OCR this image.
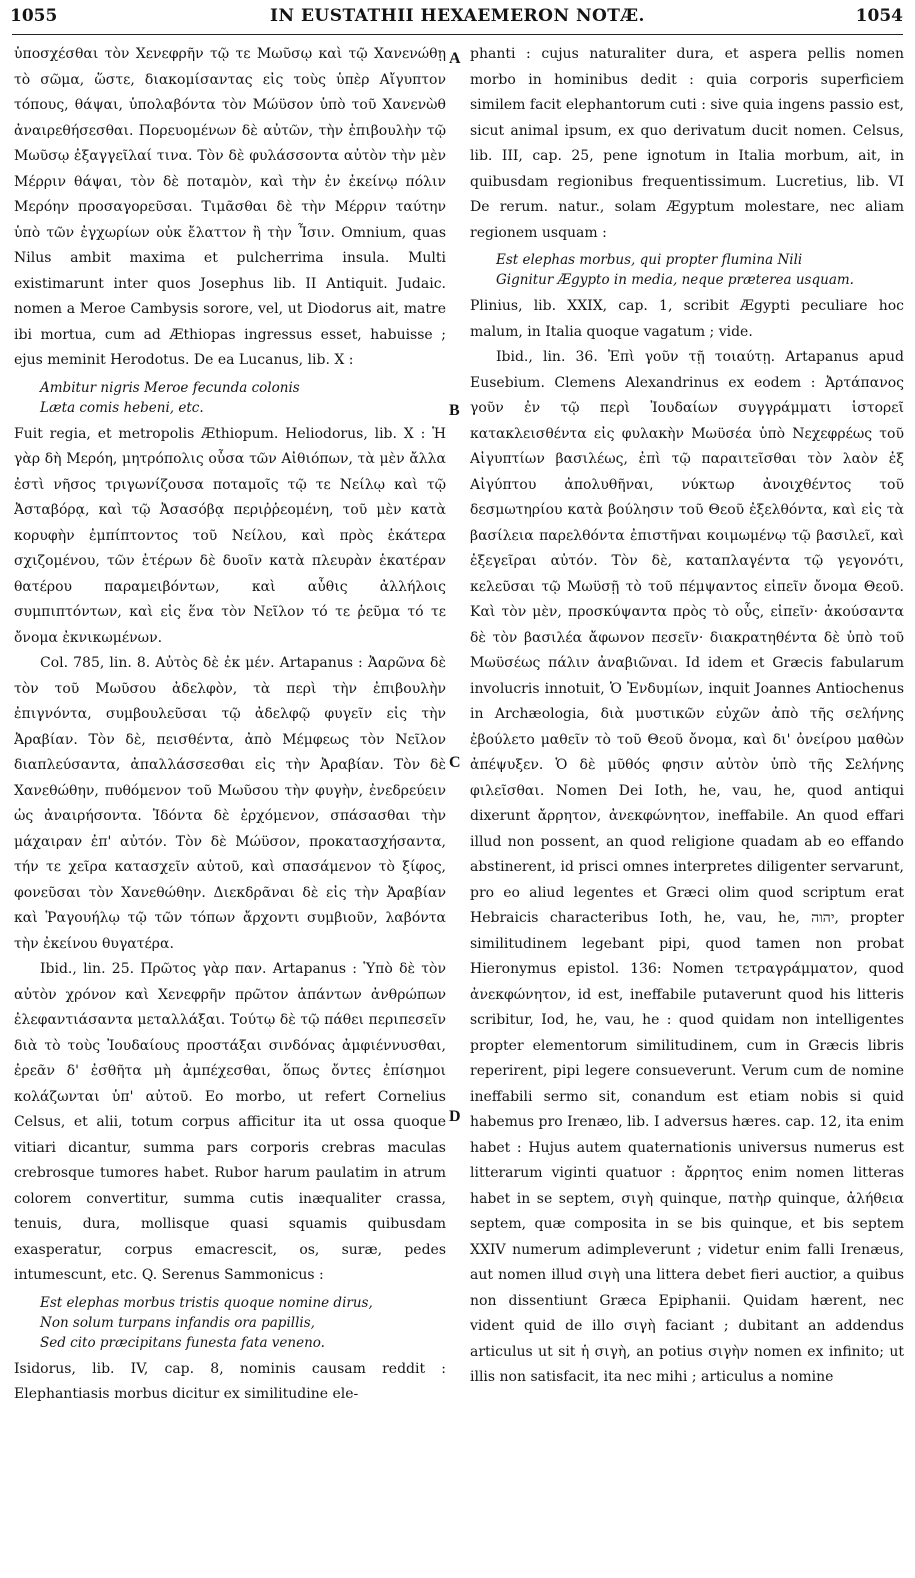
1055	IN EUSTATHII HEXAEMERON NOTÆ.	1054
A
B
C
D

ὑποσχέσθαι τὸν Χενεφρῆν τῷ τε Μωῦσῳ καὶ τῷ Χανενώθῃ τὸ σῶμα, ὥστε, διακομίσαντας εἰς τοὺς ὑπὲρ Αἴγυπτον τόπους, θάψαι, ὑπολαβόντα τὸν Μώϋσον ὑπὸ τοῦ Χανενὼθ ἀναιρεθήσεσθαι. Πορευομένων δὲ αὐτῶν, τὴν ἐπιβουλὴν τῷ Μωῦσῳ ἐξαγγεῖλαί τινα. Τὸν δὲ φυλάσσοντα αὐτὸν τὴν μὲν Μέρριν θάψαι, τὸν δὲ ποταμὸν, καὶ τὴν ἐν ἐκείνῳ πόλιν Μερόην προσαγορεῦσαι. Τιμᾶσθαι δὲ τὴν Μέρριν ταύτην ὑπὸ τῶν ἐγχωρίων οὐκ ἔλαττον ἢ τὴν Ἶσιν. Omnium, quas Nilus ambit maxima et pulcherrima insula. Multi existimarunt inter quos Josephus lib. II Antiquit. Judaic. nomen a Meroe Cambysis sorore, vel, ut Diodorus ait, matre ibi mortua, cum ad Æthiopas ingressus esset, habuisse ; ejus meminit Herodotus. De ea Lucanus, lib. X :

Ambitur nigris Meroe fecunda colonis
Læta comis hebeni, etc.

Fuit regia, et metropolis Æthiopum. Heliodorus, lib. X : Ἡ γὰρ δὴ Μερόη, μητρόπολις οὖσα τῶν Αἰθιόπων, τὰ μὲν ἄλλα ἐστὶ νῆσος τριγωνίζουσα ποταμοῖς τῷ τε Νείλῳ καὶ τῷ Ἀσταβόρᾳ, καὶ τῷ Ἀσασόβᾳ περιῤῥεομένη, τοῦ μὲν κατὰ κορυφὴν ἐμπίπτοντος τοῦ Νείλου, καὶ πρὸς ἑκάτερα σχιζομένου, τῶν ἑτέρων δὲ δυοῖν κατὰ πλευρὰν ἑκατέραν θατέρου παραμειβόντων, καὶ αὖθις ἀλλήλοις συμπιπτόντων, καὶ εἰς ἕνα τὸν Νεῖλον τό τε ῥεῦμα τό τε ὄνομα ἐκνικωμένων.

Col. 785, lin. 8. Αὐτὸς δὲ ἐκ μέν. Artapanus : Ἀαρῶνα δὲ τὸν τοῦ Μωῦσου ἀδελφὸν, τὰ περὶ τὴν ἐπιβουλὴν ἐπιγνόντα, συμβουλεῦσαι τῷ ἀδελφῷ φυγεῖν εἰς τὴν Ἀραβίαν. Τὸν δὲ, πεισθέντα, ἀπὸ Μέμφεως τὸν Νεῖλον διαπλεύσαντα, ἀπαλλάσσεσθαι εἰς τὴν Ἀραβίαν. Τὸν δὲ Χανεθώθην, πυθόμενον τοῦ Μωῦσου τὴν φυγὴν, ἐνεδρεύειν ὡς ἀναιρήσοντα. Ἰδόντα δὲ ἐρχόμενον, σπάσασθαι τὴν μάχαιραν ἐπ' αὐτόν. Τὸν δὲ Μώϋσον, προκατασχήσαντα, τήν τε χεῖρα κατασχεῖν αὐτοῦ, καὶ σπασάμενον τὸ ξίφος, φονεῦσαι τὸν Χανεθώθην. Διεκδρᾶναι δὲ εἰς τὴν Ἀραβίαν καὶ Ῥαγουήλῳ τῷ τῶν τόπων ἄρχοντι συμβιοῦν, λαβόντα τὴν ἐκείνου θυγατέρα.

Ibid., lin. 25. Πρῶτος γὰρ παν. Artapanus : Ὑπὸ δὲ τὸν αὐτὸν χρόνον καὶ Χενεφρῆν πρῶτον ἁπάντων ἀνθρώπων ἐλεφαντιάσαντα μεταλλάξαι. Τούτῳ δὲ τῷ πάθει περιπεσεῖν διὰ τὸ τοὺς Ἰουδαίους προστάξαι σινδόνας ἀμφιέννυσθαι, ἐρεᾶν δ' ἐσθῆτα μὴ ἀμπέχεσθαι, ὅπως ὄντες ἐπίσημοι κολάζωνται ὑπ' αὐτοῦ. Eo morbo, ut refert Cornelius Celsus, et alii, totum corpus afficitur ita ut ossa quoque vitiari dicantur, summa pars corporis crebras maculas crebrosque tumores habet. Rubor harum paulatim in atrum colorem convertitur, summa cutis inæqualiter crassa, tenuis, dura, mollisque quasi squamis quibusdam exasperatur, corpus emacrescit, os, suræ, pedes intumescunt, etc. Q. Serenus Sammonicus :

Est elephas morbus tristis quoque nomine dirus,
Non solum turpans infandis ora papillis,
Sed cito præcipitans funesta fata veneno.

Isidorus, lib. IV, cap. 8, nominis causam reddit : Elephantiasis morbus dicitur ex similitudine ele-

phanti : cujus naturaliter dura, et aspera pellis nomen morbo in hominibus dedit : quia corporis superficiem similem facit elephantorum cuti : sive quia ingens passio est, sicut animal ipsum, ex quo derivatum ducit nomen. Celsus, lib. III, cap. 25, pene ignotum in Italia morbum, ait, in quibusdam regionibus frequentissimum. Lucretius, lib. VI De rerum. natur., solam Ægyptum molestare, nec aliam regionem usquam :

Est elephas morbus, qui propter flumina Nili
Gignitur Ægypto in media, neque præterea usquam.

Plinius, lib. XXIX, cap. 1, scribit Ægypti peculiare hoc malum, in Italia quoque vagatum ; vide.

Ibid., lin. 36. Ἐπὶ γοῦν τῇ τοιαύτῃ. Artapanus apud Eusebium. Clemens Alexandrinus ex eodem : Ἀρτάπανος γοῦν ἐν τῷ περὶ Ἰουδαίων συγγράμματι ἱστορεῖ κατακλεισθέντα εἰς φυλακὴν Μωϋσέα ὑπὸ Νεχεφρέως τοῦ Αἰγυπτίων βασιλέως, ἐπὶ τῷ παραιτεῖσθαι τὸν λαὸν ἐξ Αἰγύπτου ἀπολυθῆναι, νύκτωρ ἀνοιχθέντος τοῦ δεσμωτηρίου κατὰ βούλησιν τοῦ Θεοῦ ἐξελθόντα, καὶ εἰς τὰ βασίλεια παρελθόντα ἐπιστῆναι κοιμωμένῳ τῷ βασιλεῖ, καὶ ἐξεγεῖραι αὐτόν. Τὸν δὲ, καταπλαγέντα τῷ γεγονότι, κελεῦσαι τῷ Μωϋσῇ τὸ τοῦ πέμψαντος εἰπεῖν ὄνομα Θεοῦ. Καὶ τὸν μὲν, προσκύψαντα πρὸς τὸ οὖς, εἰπεῖν· ἀκούσαντα δὲ τὸν βασιλέα ἄφωνον πεσεῖν· διακρατηθέντα δὲ ὑπὸ τοῦ Μωϋσέως πάλιν ἀναβιῶναι. Id idem et Græcis fabularum involucris innotuit, Ὁ Ἐνδυμίων, inquit Joannes Antiochenus in Archæologia, διὰ μυστικῶν εὐχῶν ἀπὸ τῆς σελήνης ἐβούλετο μαθεῖν τὸ τοῦ Θεοῦ ὄνομα, καὶ δι' ὀνείρου μαθὼν ἀπέψυξεν. Ὁ δὲ μῦθός φησιν αὐτὸν ὑπὸ τῆς Σελήνης φιλεῖσθαι. Nomen Dei Ioth, he, vau, he, quod antiqui dixerunt ἄρρητον, ἀνεκφώνητον, ineffabile. An quod effari illud non possent, an quod religione quadam ab eo effando abstinerent, id prisci omnes interpretes diligenter servarunt, pro eo aliud legentes et Græci olim quod scriptum erat Hebraicis characteribus Ioth, he, vau, he, יהוה, propter similitudinem legebant pipi, quod tamen non probat Hieronymus epistol. 136: Nomen τετραγράμματον, quod ἀνεκφώνητον, id est, ineffabile putaverunt quod his litteris scribitur, Iod, he, vau, he : quod quidam non intelligentes propter elementorum similitudinem, cum in Græcis libris reperirent, pipi legere consueverunt. Verum cum de nomine ineffabili sermo sit, conandum est etiam nobis si quid habemus pro Irenæo, lib. I adversus hæres. cap. 12, ita enim habet : Hujus autem quaternationis universus numerus est litterarum viginti quatuor : ἄρρητος enim nomen litteras habet in se septem, σιγὴ quinque, πατὴρ quinque, ἀλήθεια septem, quæ composita in se bis quinque, et bis septem XXIV numerum adimpleverunt ; videtur enim falli Irenæus, aut nomen illud σιγὴ una littera debet fieri auctior, a quibus non dissentiunt Græca Epiphanii. Quidam hærent, nec vident quid de illo σιγὴ faciant ; dubitant an addendus articulus ut sit ἡ σιγὴ, an potius σιγὴν nomen ex infinito; ut illis non satisfacit, ita nec mihi ; articulus a nomine
